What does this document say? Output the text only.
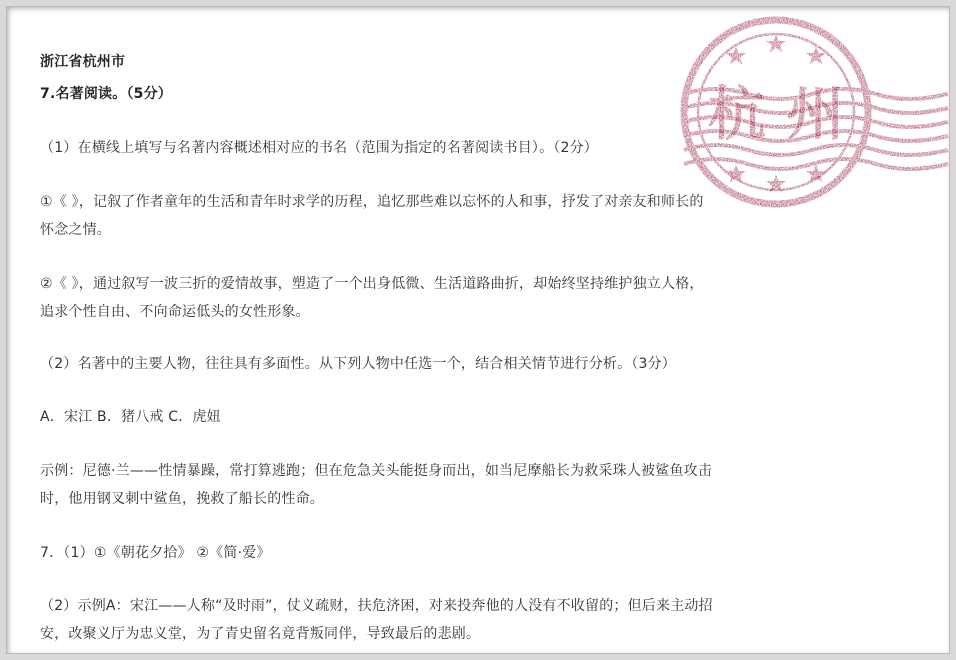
浙江省杭州市
7.名著阅读。（5分）
（1）在横线上填写与名著内容概述相对应的书名（范围为指定的名著阅读书目）。（2分）
①《 》，记叙了作者童年的生活和青年时求学的历程，追忆那些难以忘怀的人和事，抒发了对亲友和师长的
怀念之情。
②《 》，通过叙写一波三折的爱情故事，塑造了一个出身低微、生活道路曲折，却始终坚持维护独立人格，
追求个性自由、不向命运低头的女性形象。
（2）名著中的主要人物，往往具有多面性。从下列人物中任选一个，结合相关情节进行分析。（3分）
A．宋江 B．猪八戒 C．虎妞
示例：尼德·兰——性情暴躁，常打算逃跑；但在危急关头能挺身而出，如当尼摩船长为救采珠人被鲨鱼攻击
时，他用钢叉刺中鲨鱼，挽救了船长的性命。
7．（1）①《朝花夕拾》 ②《简·爱》
（2）示例A：宋江——人称“及时雨”，仗义疏财，扶危济困，对来投奔他的人没有不收留的；但后来主动招
安，改聚义厅为忠义堂，为了青史留名竟背叛同伴，导致最后的悲剧。
杭 州
